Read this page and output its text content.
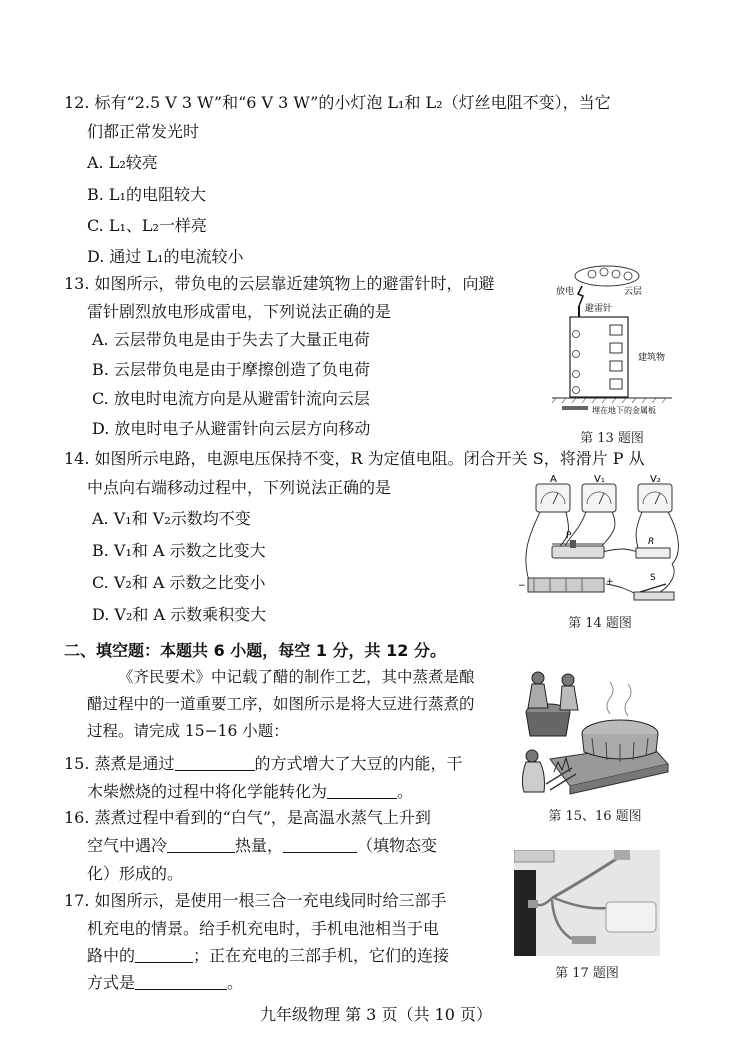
12. 标有“2.5 V 3 W”和“6 V 3 W”的小灯泡 L₁和 L₂（灯丝电阻不变），当它
们都正常发光时
A. L₂较亮
B. L₁的电阻较大
C. L₁、L₂一样亮
D. 通过 L₁的电流较小
13. 如图所示，带负电的云层靠近建筑物上的避雷针时，向避
雷针剧烈放电形成雷电，下列说法正确的是
A. 云层带负电是由于失去了大量正电荷
B. 云层带负电是由于摩擦创造了负电荷
C. 放电时电流方向是从避雷针流向云层
D. 放电时电子从避雷针向云层方向移动
放电	云层
避雷针
建筑物
埋在地下的金属板
第 13 题图
14. 如图所示电路，电源电压保持不变，R 为定值电阻。闭合开关 S，将滑片 P 从
中点向右端移动过程中，下列说法正确的是
A. V₁和 V₂示数均不变
B. V₁和 A 示数之比变大
C. V₂和 A 示数之比变小
D. V₂和 A 示数乘积变大
A	V₁	V₂
P
R
−	+	S
第 14 题图
二、填空题：本题共 6 小题，每空 1 分，共 12 分。
《齐民要术》中记载了醋的制作工艺，其中蒸煮是酿
醋过程中的一道重要工序，如图所示是将大豆进行蒸煮的
过程。请完成 15−16 小题：
第 15、16 题图
15. 蒸煮是通过	的方式增大了大豆的内能，干
木柴燃烧的过程中将化学能转化为	。
16. 蒸煮过程中看到的“白气”，是高温水蒸气上升到
空气中遇冷	热量，	（填物态变
化）形成的。
17. 如图所示，是使用一根三合一充电线同时给三部手
机充电的情景。给手机充电时，手机电池相当于电
路中的	；正在充电的三部手机，它们的连接
方式是	。	第 17 题图
九年级物理 第 3 页（共 10 页）
